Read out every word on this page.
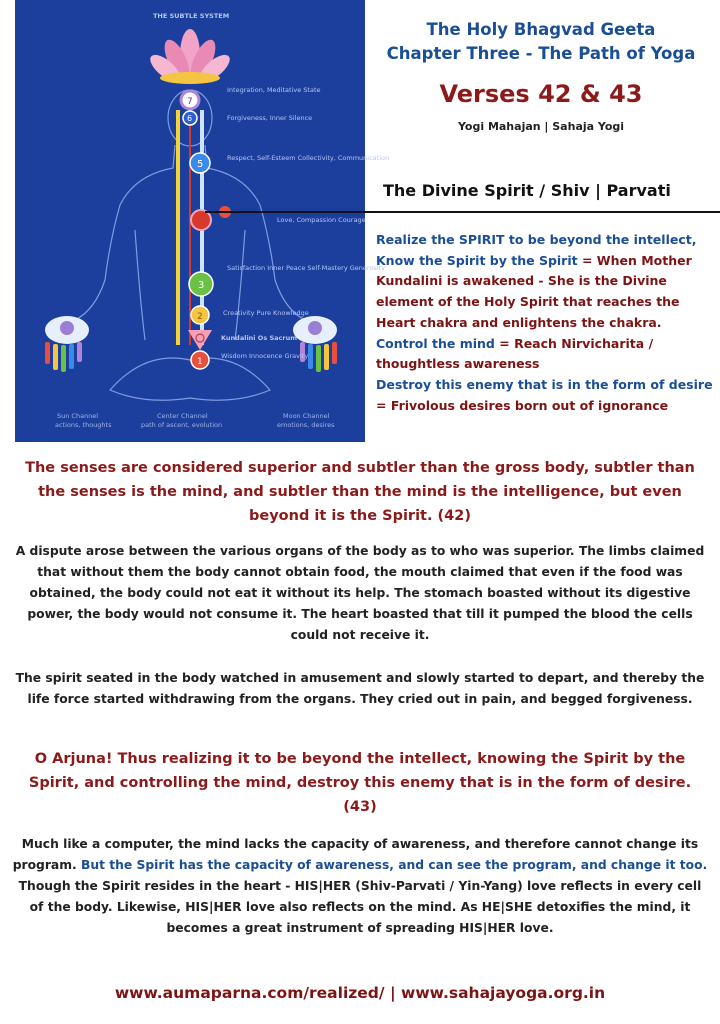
THE SUBTLE SYSTEM
7
6
5
3
2
1
Integration, Meditative State
Forgiveness, Inner Silence
Respect, Self-Esteem Collectivity, Communication
Love, Compassion Courage
Satisfaction Inner Peace Self-Mastery Generosity
Creativity Pure Knowledge
Kundalini Os Sacrum
Wisdom Innocence Gravity
Sun Channel
actions, thoughts
Center Channel
path of ascent, evolution
Moon Channel
emotions, desires
The Holy Bhagvad Geeta
Chapter Three - The Path of Yoga
Verses 42 & 43
Yogi Mahajan | Sahaja Yogi
The Divine Spirit / Shiv | Parvati

Realize the SPIRIT to be beyond the intellect, Know the Spirit by the Spirit = When Mother Kundalini is awakened - She is the Divine element of the Holy Spirit that reaches the Heart chakra and enlightens the chakra.

Control the mind = Reach Nirvicharita / thoughtless awareness

Destroy this enemy that is in the form of desire = Frivolous desires born out of ignorance

The senses are considered superior and subtler than the gross body, subtler than the senses is the mind, and subtler than the mind is the intelligence, but even beyond it is the Spirit. (42)
A dispute arose between the various organs of the body as to who was superior. The limbs claimed that without them the body cannot obtain food, the mouth claimed that even if the food was obtained, the body could not eat it without its help. The stomach boasted without its digestive power, the body would not consume it. The heart boasted that till it pumped the blood the cells could not receive it.
The spirit seated in the body watched in amusement and slowly started to depart, and thereby the life force started withdrawing from the organs. They cried out in pain, and begged forgiveness.
O Arjuna! Thus realizing it to be beyond the intellect, knowing the Spirit by the Spirit, and controlling the mind, destroy this enemy that is in the form of desire. (43)
Much like a computer, the mind lacks the capacity of awareness, and therefore cannot change its program. But the Spirit has the capacity of awareness, and can see the program, and change it too.
Though the Spirit resides in the heart - HIS|HER (Shiv-Parvati / Yin-Yang) love reflects in every cell of the body. Likewise, HIS|HER love also reflects on the mind. As HE|SHE detoxifies the mind, it becomes a great instrument of spreading HIS|HER love.
www.aumaparna.com/realized/ | www.sahajayoga.org.in
